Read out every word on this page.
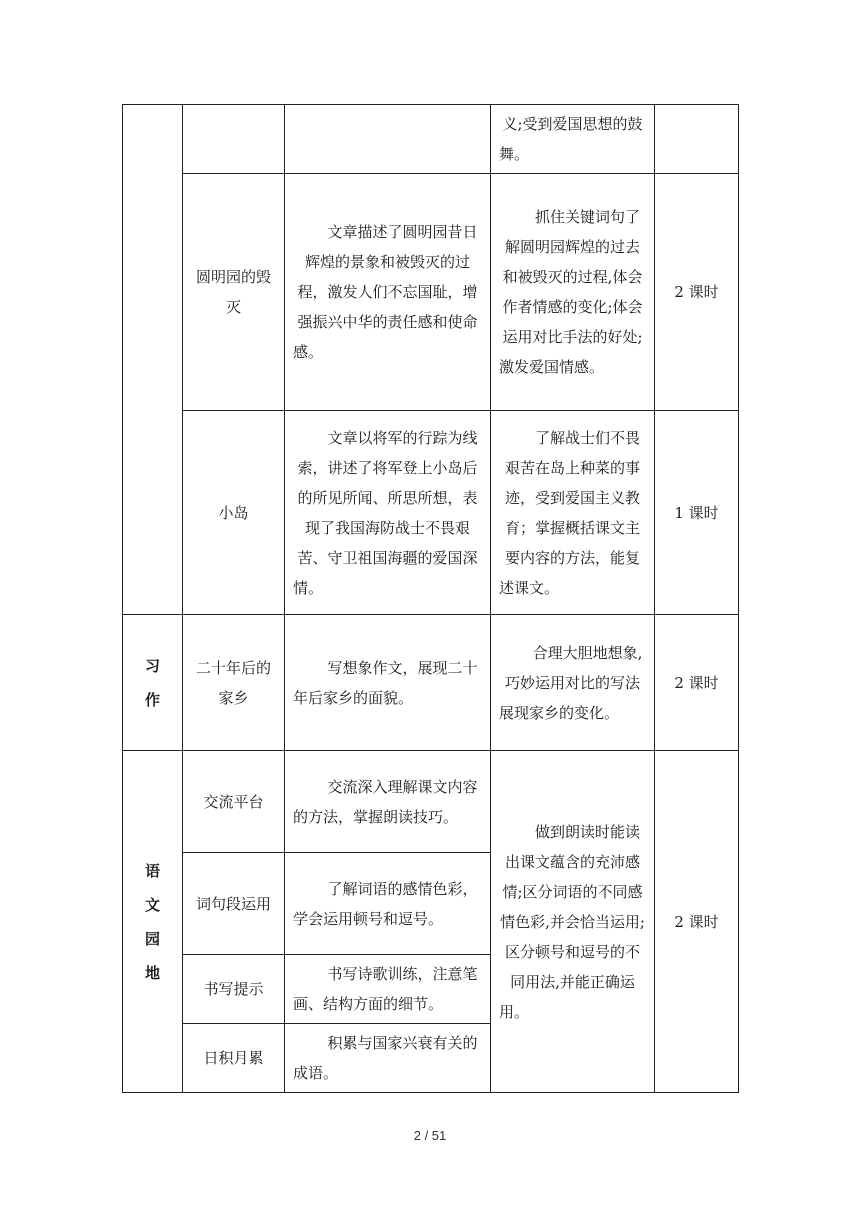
			义;受到爱国思想的鼓舞。	
	圆明园的毁灭	文章描述了圆明园昔日辉煌的景象和被毁灭的过程，激发人们不忘国耻，增强振兴中华的责任感和使命感。	抓住关键词句了解圆明园辉煌的过去和被毁灭的过程,体会作者情感的变化;体会运用对比手法的好处;激发爱国情感。	2 课时
	小岛	文章以将军的行踪为线索，讲述了将军登上小岛后的所见所闻、所思所想，表现了我国海防战士不畏艰苦、守卫祖国海疆的爱国深情。	了解战士们不畏艰苦在岛上种菜的事迹，受到爱国主义教育；掌握概括课文主要内容的方法，能复述课文。	1 课时
习作	二十年后的家乡	写想象作文，展现二十年后家乡的面貌。	合理大胆地想象,巧妙运用对比的写法展现家乡的变化。	2 课时
语文园地	交流平台	交流深入理解课文内容的方法，掌握朗读技巧。	做到朗读时能读出课文蕴含的充沛感情;区分词语的不同感情色彩,并会恰当运用;区分顿号和逗号的不同用法,并能正确运用。	2 课时
	词句段运用	了解词语的感情色彩，学会运用顿号和逗号。		
	书写提示	书写诗歌训练，注意笔画、结构方面的细节。		
	日积月累	积累与国家兴衰有关的成语。		
2 / 51
